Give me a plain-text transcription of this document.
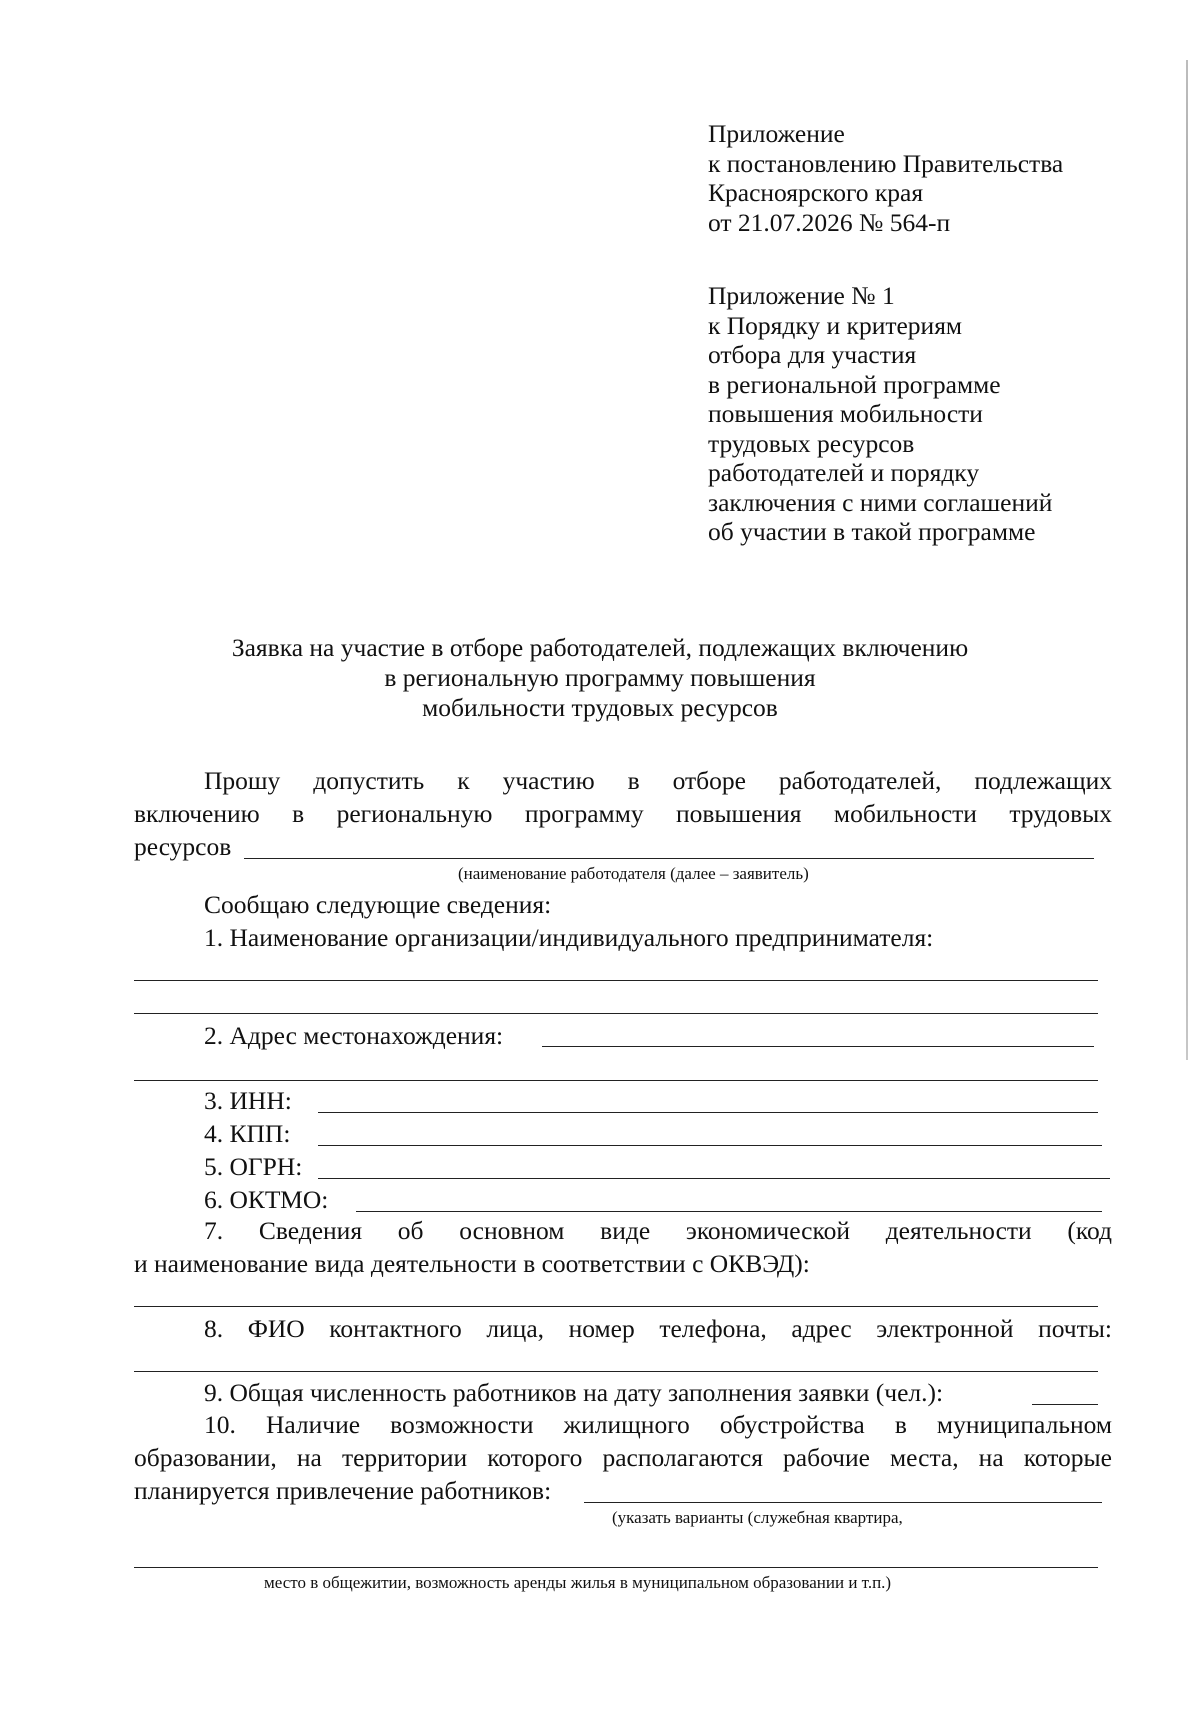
Приложение
к постановлению Правительства
Красноярского края
от 21.07.2026 № 564-п
Приложение № 1
к Порядку и критериям
отбора для участия
в региональной программе
повышения мобильности
трудовых ресурсов
работодателей и порядку
заключения с ними соглашений
об участии в такой программе
Заявка на участие в отборе работодателей, подлежащих включению
в региональную программу повышения
мобильности трудовых ресурсов
Прошу допустить к участию в отборе работодателей, подлежащих
включению в региональную программу повышения мобильности трудовых
ресурсов
(наименование работодателя (далее – заявитель)
Сообщаю следующие сведения:
1. Наименование организации/индивидуального предпринимателя:
2. Адрес местонахождения:
3. ИНН:
4. КПП:
5. ОГРН:
6. ОКТМО:
7. Сведения об основном виде экономической деятельности (код
и наименование вида деятельности в соответствии с ОКВЭД):
8. ФИО контактного лица, номер телефона, адрес электронной почты:
9. Общая численность работников на дату заполнения заявки (чел.):
10. Наличие возможности жилищного обустройства в муниципальном
образовании, на территории которого располагаются рабочие места, на которые
планируется привлечение работников:
(указать варианты (служебная квартира,
место в общежитии, возможность аренды жилья в муниципальном образовании и т.п.)
